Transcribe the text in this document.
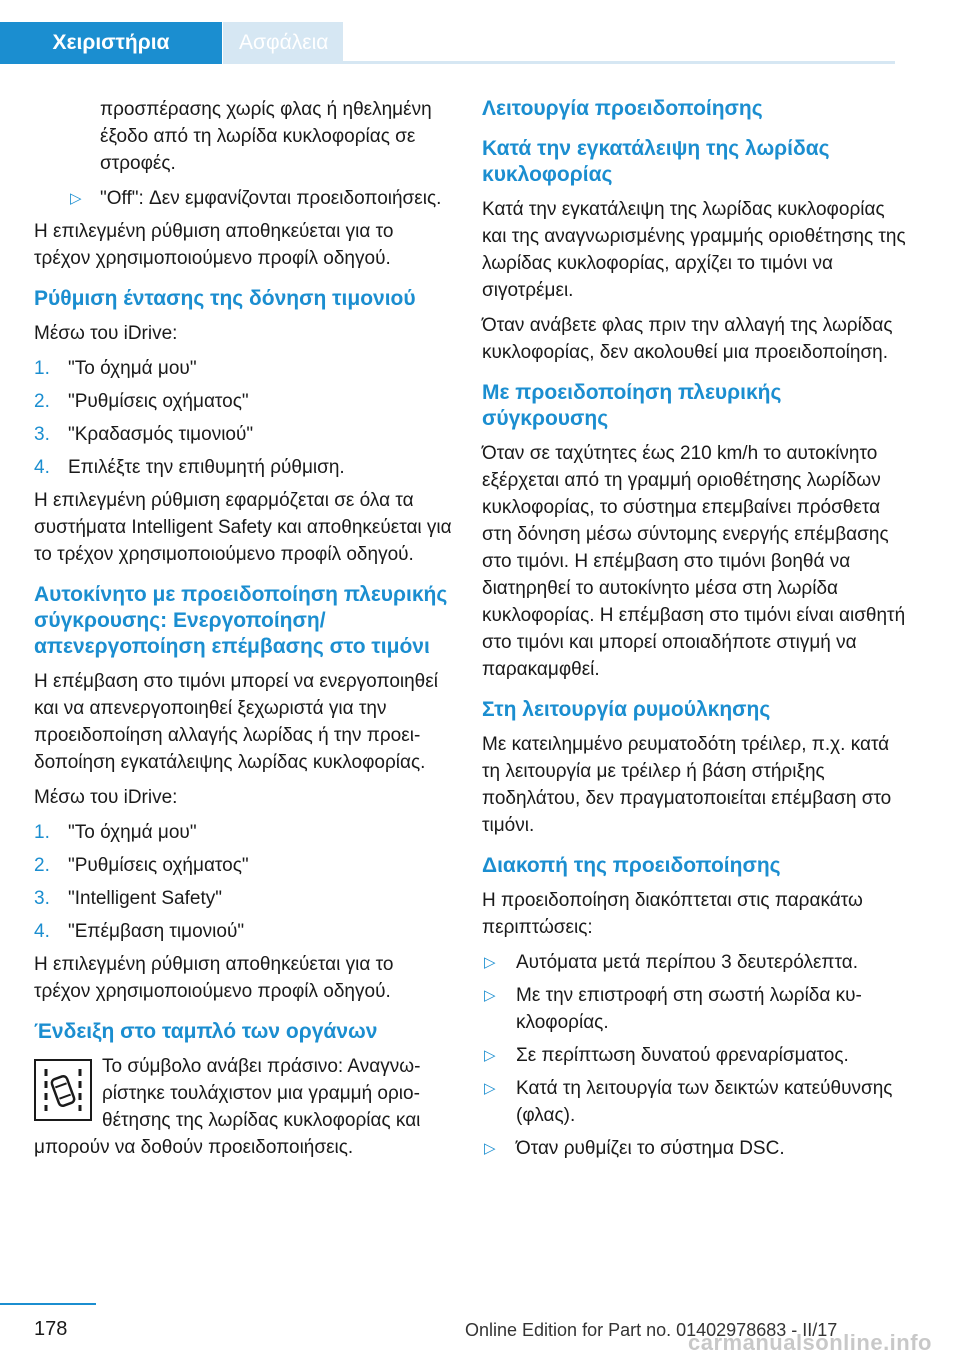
Χειριστήρια	Ασφάλεια
προσπέρασης χωρίς φλας ή ηθελημένη έξοδο από τη λωρίδα κυκλοφορίας σε στροφές.
▷ "Off": Δεν εμφανίζονται προειδοποιήσεις.
Η επιλεγμένη ρύθμιση αποθηκεύεται για το τρέχον χρησιμοποιούμενο προφίλ οδηγού.
Ρύθμιση έντασης της δόνηση τιμονιού
Μέσω του iDrive:
1. "Το όχημά μου"
2. "Ρυθμίσεις οχήματος"
3. "Κραδασμός τιμονιού"
4. Επιλέξτε την επιθυμητή ρύθμιση.
Η επιλεγμένη ρύθμιση εφαρμόζεται σε όλα τα συστήματα Intelligent Safety και αποθηκεύεται για το τρέχον χρησιμοποιούμενο προφίλ οδηγού.
Αυτοκίνητο με προειδοποίηση πλευρικής σύγκρουσης: Ενεργοποίηση/απενεργοποίηση επέμβασης στο τιμόνι
Η επέμβαση στο τιμόνι μπορεί να ενεργοποιηθεί και να απενεργοποιηθεί ξεχωριστά για την προειδοποίηση αλλαγής λωρίδας ή την προειδοποίηση εγκατάλειψης λωρίδας κυκλοφορίας.
Μέσω του iDrive:
1. "Το όχημά μου"
2. "Ρυθμίσεις οχήματος"
3. "Intelligent Safety"
4. "Επέμβαση τιμονιού"
Η επιλεγμένη ρύθμιση αποθηκεύεται για το τρέχον χρησιμοποιούμενο προφίλ οδηγού.
Ένδειξη στο ταμπλό των οργάνων
Το σύμβολο ανάβει πράσινο: Αναγνωρίστηκε τουλάχιστον μια γραμμή οριοθέτησης της λωρίδας κυκλοφορίας και μπορούν να δοθούν προειδοποιήσεις.
Λειτουργία προειδοποίησης
Κατά την εγκατάλειψη της λωρίδας κυκλοφορίας
Κατά την εγκατάλειψη της λωρίδας κυκλοφορίας και της αναγνωρισμένης γραμμής οριοθέτησης της λωρίδας κυκλοφορίας, αρχίζει το τιμόνι να σιγοτρέμει.
Όταν ανάβετε φλας πριν την αλλαγή της λωρίδας κυκλοφορίας, δεν ακολουθεί μια προειδοποίηση.
Με προειδοποίηση πλευρικής σύγκρουσης
Όταν σε ταχύτητες έως 210 km/h το αυτοκίνητο εξέρχεται από τη γραμμή οριοθέτησης λωρίδων κυκλοφορίας, το σύστημα επεμβαίνει πρόσθετα στη δόνηση μέσω σύντομης ενεργής επέμβασης στο τιμόνι. Η επέμβαση στο τιμόνι βοηθά να διατηρηθεί το αυτοκίνητο μέσα στη λωρίδα κυκλοφορίας. Η επέμβαση στο τιμόνι είναι αισθητή στο τιμόνι και μπορεί οποιαδήποτε στιγμή να παρακαμφθεί.
Στη λειτουργία ρυμούλκησης
Με κατειλημμένο ρευματοδότη τρέιλερ, π.χ. κατά τη λειτουργία με τρέιλερ ή βάση στήριξης ποδηλάτου, δεν πραγματοποιείται επέμβαση στο τιμόνι.
Διακοπή της προειδοποίησης
Η προειδοποίηση διακόπτεται στις παρακάτω περιπτώσεις:
▷ Αυτόματα μετά περίπου 3 δευτερόλεπτα.
▷ Με την επιστροφή στη σωστή λωρίδα κυκλοφορίας.
▷ Σε περίπτωση δυνατού φρεναρίσματος.
▷ Κατά τη λειτουργία των δεικτών κατεύθυνσης (φλας).
▷ Όταν ρυθμίζει το σύστημα DSC.
178	Online Edition for Part no. 01402978683 - II/17
carmanualsonline.info
